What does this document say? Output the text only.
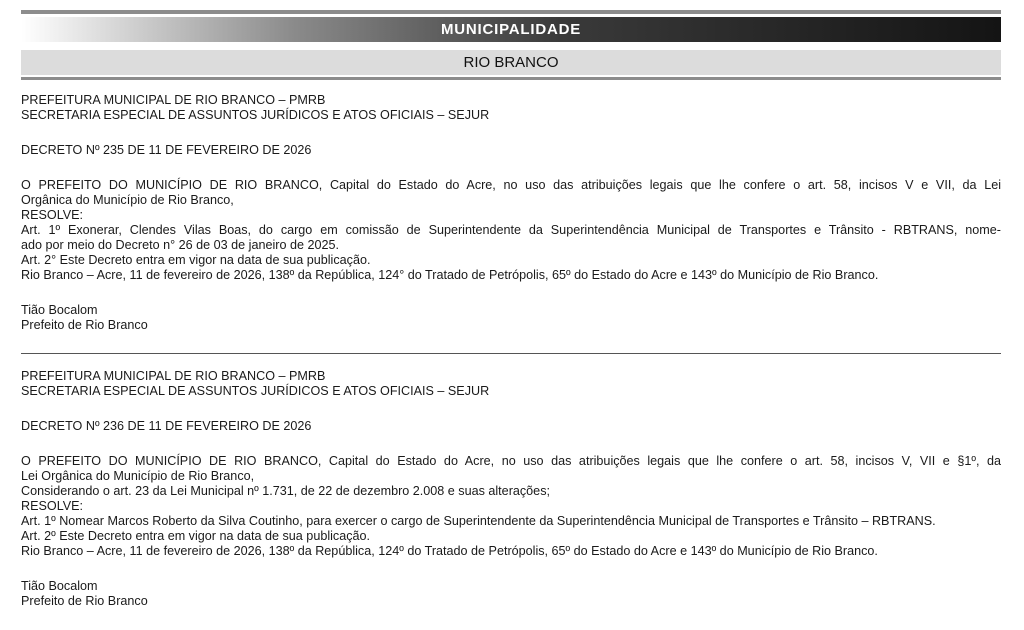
MUNICIPALIDADE
RIO BRANCO

PREFEITURA MUNICIPAL DE RIO BRANCO – PMRB

SECRETARIA ESPECIAL DE ASSUNTOS JURÍDICOS E ATOS OFICIAIS – SEJUR

DECRETO Nº 235 DE 11 DE FEVEREIRO DE 2026

O PREFEITO DO MUNICÍPIO DE RIO BRANCO, Capital do Estado do Acre, no uso das atribuições legais que lhe confere o art. 58, incisos V e VII, da Lei

Orgânica do Município de Rio Branco,

RESOLVE:

Art. 1º Exonerar, Clendes Vilas Boas, do cargo em comissão de Superintendente da Superintendência Municipal de Transportes e Trânsito - RBTRANS, nome-

ado por meio do Decreto n° 26 de 03 de janeiro de 2025.

Art. 2° Este Decreto entra em vigor na data de sua publicação.

Rio Branco – Acre, 11 de fevereiro de 2026, 138º da República, 124° do Tratado de Petrópolis, 65º do Estado do Acre e 143º do Município de Rio Branco.

Tião Bocalom

Prefeito de Rio Branco

PREFEITURA MUNICIPAL DE RIO BRANCO – PMRB

SECRETARIA ESPECIAL DE ASSUNTOS JURÍDICOS E ATOS OFICIAIS – SEJUR

DECRETO Nº 236 DE 11 DE FEVEREIRO DE 2026

O PREFEITO DO MUNICÍPIO DE RIO BRANCO, Capital do Estado do Acre, no uso das atribuições legais que lhe confere o art. 58, incisos V, VII e §1º, da

Lei Orgânica do Município de Rio Branco,

Considerando o art. 23 da Lei Municipal nº 1.731, de 22 de dezembro 2.008 e suas alterações;

RESOLVE:

Art. 1º Nomear Marcos Roberto da Silva Coutinho, para exercer o cargo de Superintendente da Superintendência Municipal de Transportes e Trânsito – RBTRANS.

Art. 2º Este Decreto entra em vigor na data de sua publicação.

Rio Branco – Acre, 11 de fevereiro de 2026, 138º da República, 124º do Tratado de Petrópolis, 65º do Estado do Acre e 143º do Município de Rio Branco.

Tião Bocalom

Prefeito de Rio Branco
